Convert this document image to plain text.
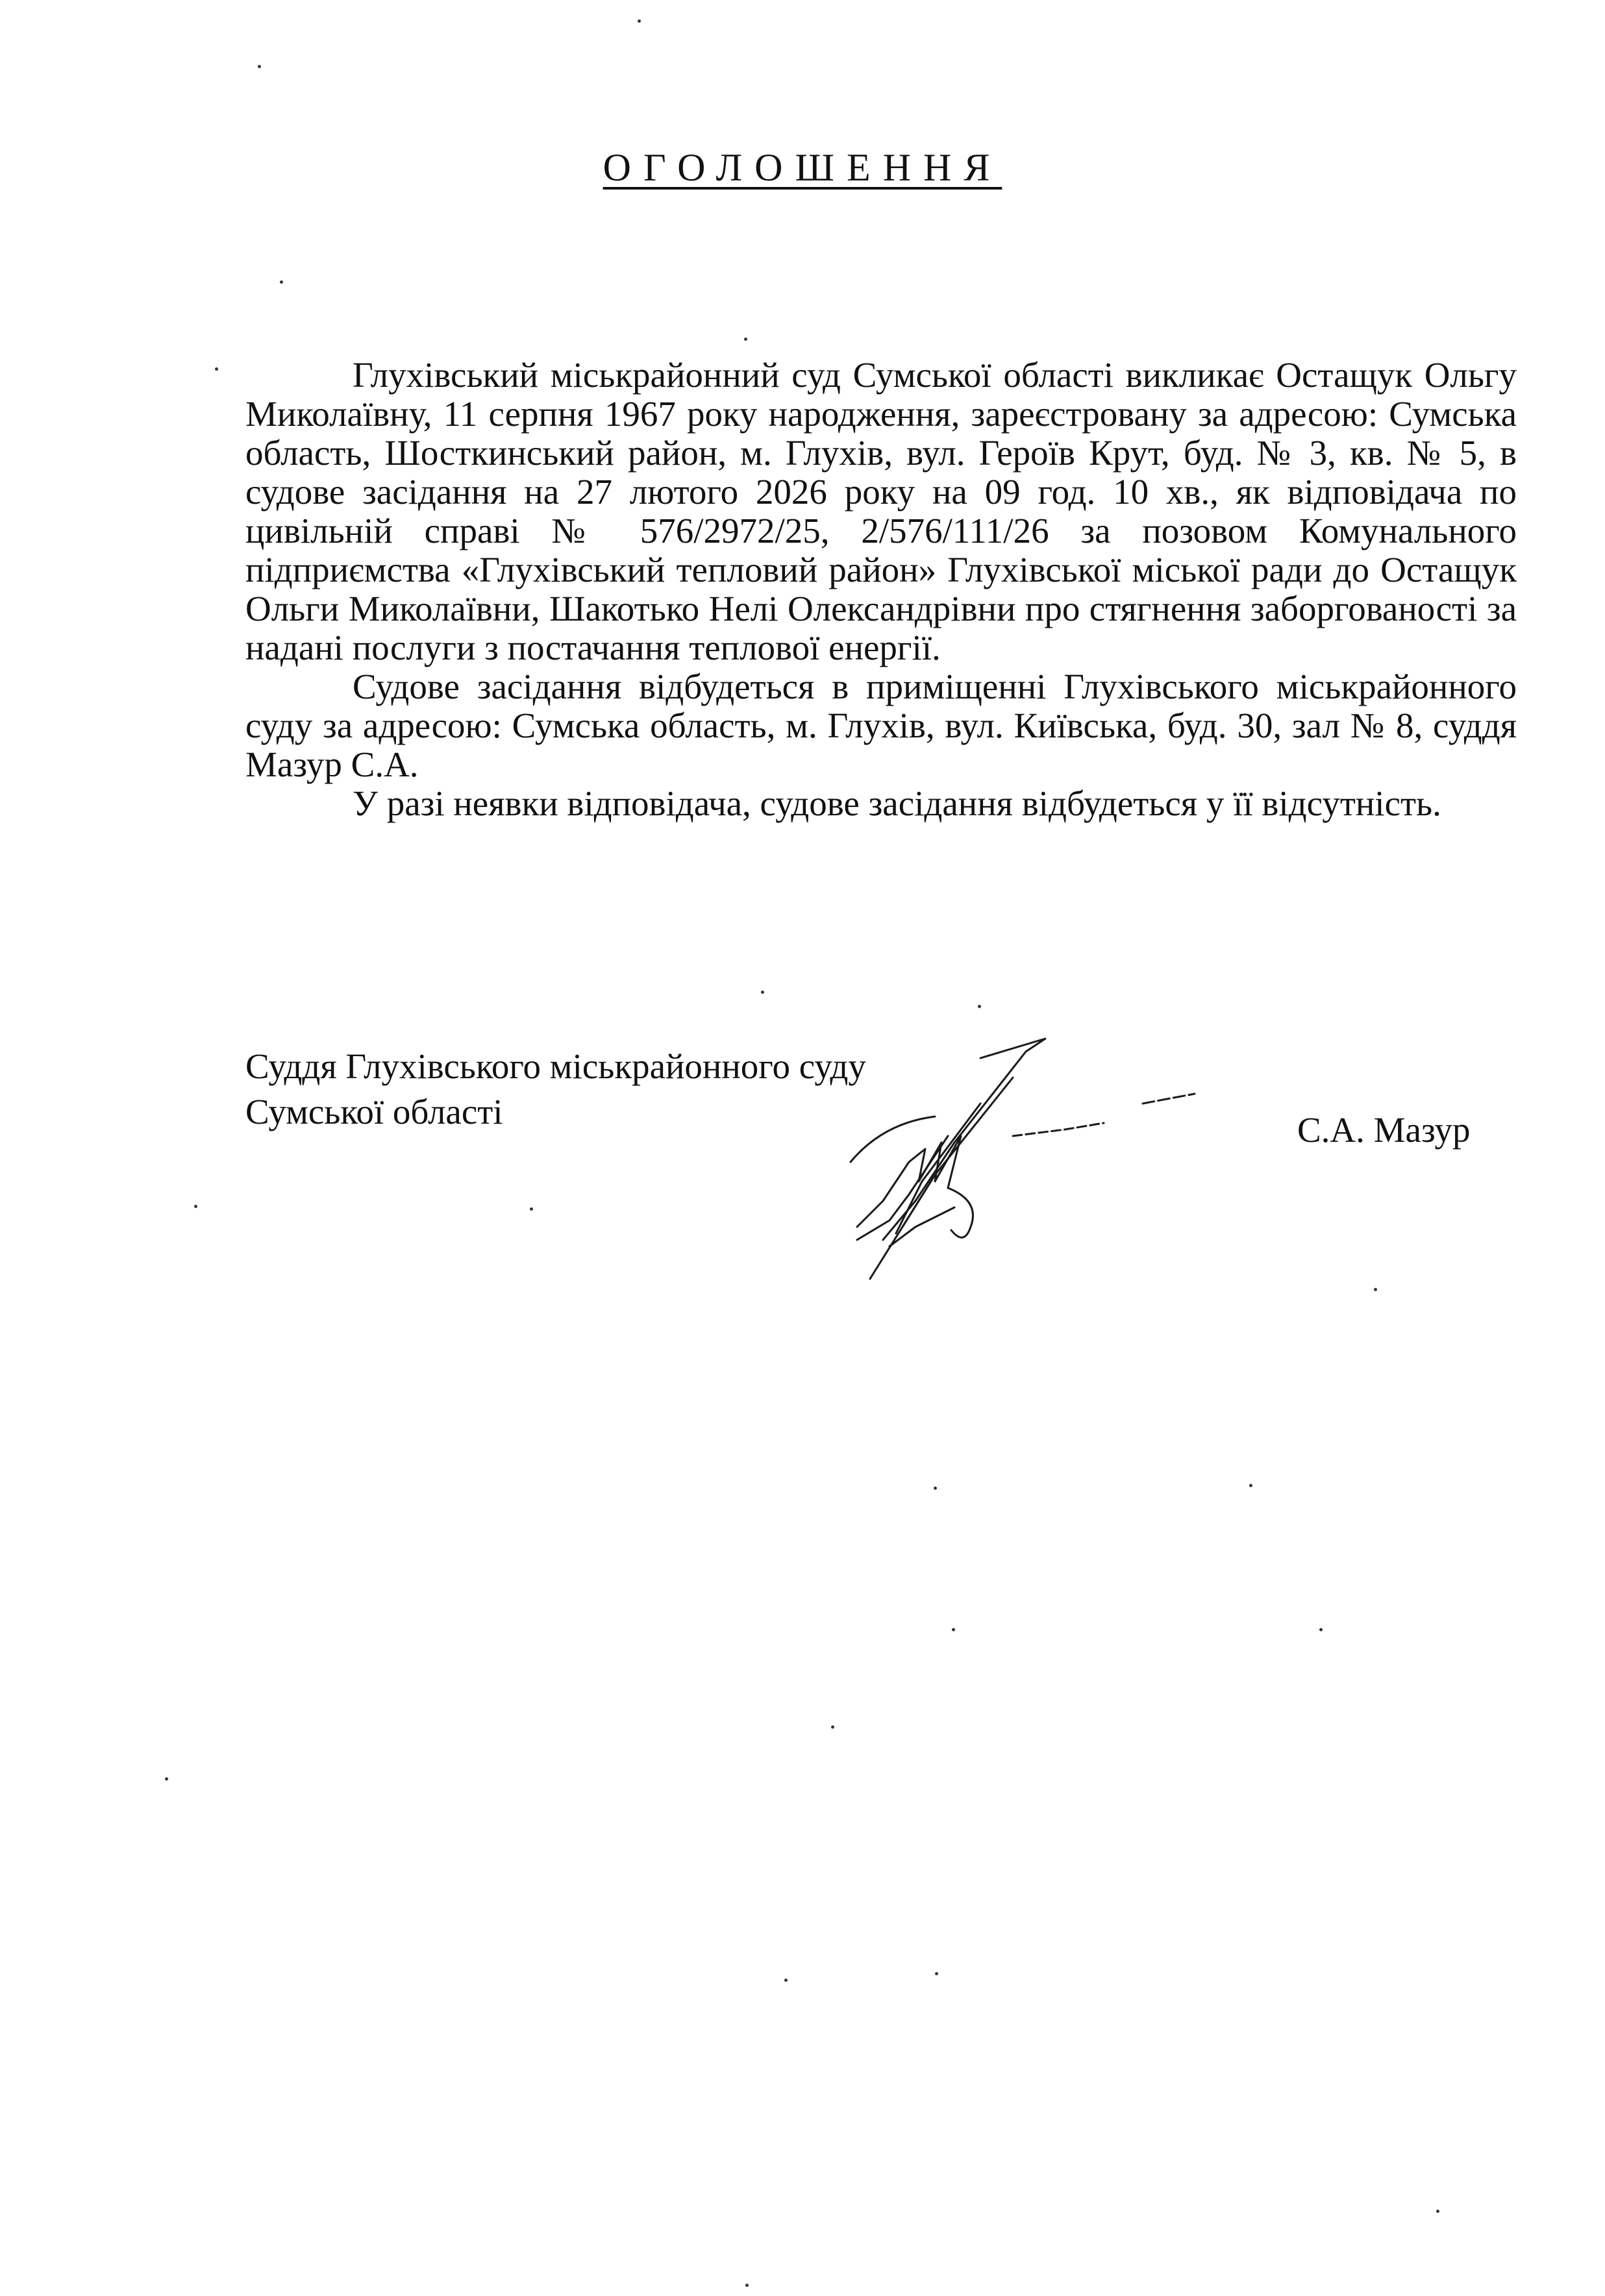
ОГОЛОШЕННЯ

Глухівський міськрайонний суд Сумської області викликає Остащук Ольгу Миколаївну, 11 серпня 1967 року народження, зареєстровану за адресою: Сумська область, Шосткинський район, м. Глухів, вул. Героїв Крут, буд. № 3, кв. № 5, в судове засідання на 27 лютого 2026 року на 09 год. 10 хв., як відповідача по цивільній справі № 576/2972/25, 2/576/111/26 за позовом Комунального підприємства «Глухівський тепловий район» Глухівської міської ради до Остащук Ольги Миколаївни, Шакотько Нелі Олександрівни про стягнення заборгованості за надані послуги з постачання теплової енергії.

Судове засідання відбудеться в приміщенні Глухівського міськрайонного суду за адресою: Сумська область, м. Глухів, вул. Київська, буд. 30, зал № 8, суддя Мазур С.А.

У разі неявки відповідача, судове засідання відбудеться у її відсутність.

Суддя Глухівського міськрайонного суду
Сумської області	С.А. Мазур
